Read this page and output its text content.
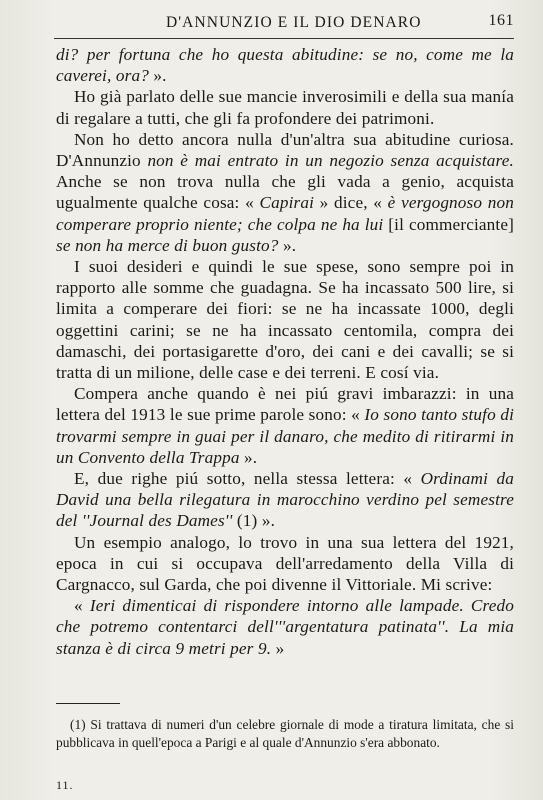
D'ANNUNZIO E IL DIO DENARO	161

di? per fortuna che ho questa abitudine: se no, come me la caverei, ora? ».

Ho già parlato delle sue mancie inverosimili e della sua manía di regalare a tutti, che gli fa profondere dei patrimoni.

Non ho detto ancora nulla d'un'altra sua abitudine curiosa. D'Annunzio non è mai entrato in un negozio senza acquistare. Anche se non trova nulla che gli vada a genio, acquista ugualmente qualche cosa: « Capirai » dice, « è vergognoso non comperare proprio niente; che colpa ne ha lui [il commerciante] se non ha merce di buon gusto? ».

I suoi desideri e quindi le sue spese, sono sempre poi in rapporto alle somme che guadagna. Se ha incassato 500 lire, si limita a comperare dei fiori: se ne ha incassate 1000, degli oggettini carini; se ne ha incassato centomila, compra dei damaschi, dei portasigarette d'oro, dei cani e dei cavalli; se si tratta di un milione, delle case e dei terreni. E cosí via.

Compera anche quando è nei piú gravi imbarazzi: in una lettera del 1913 le sue prime parole sono: « Io sono tanto stufo di trovarmi sempre in guai per il danaro, che medito di ritirarmi in un Convento della Trappa ».

E, due righe piú sotto, nella stessa lettera: « Ordinami da David una bella rilegatura in marocchino verdino pel semestre del ''Journal des Dames'' (1) ».

Un esempio analogo, lo trovo in una sua lettera del 1921, epoca in cui si occupava dell'arredamento della Villa di Cargnacco, sul Garda, che poi divenne il Vittoriale. Mi scrive:

« Ieri dimenticai di rispondere intorno alle lampade. Credo che potremo contentarci dell'''argentatura patinata''. La mia stanza è di circa 9 metri per 9. »

(1) Si trattava di numeri d'un celebre giornale di mode a tiratura limitata, che si pubblicava in quell'epoca a Parigi e al quale d'Annunzio s'era abbonato.
11.
